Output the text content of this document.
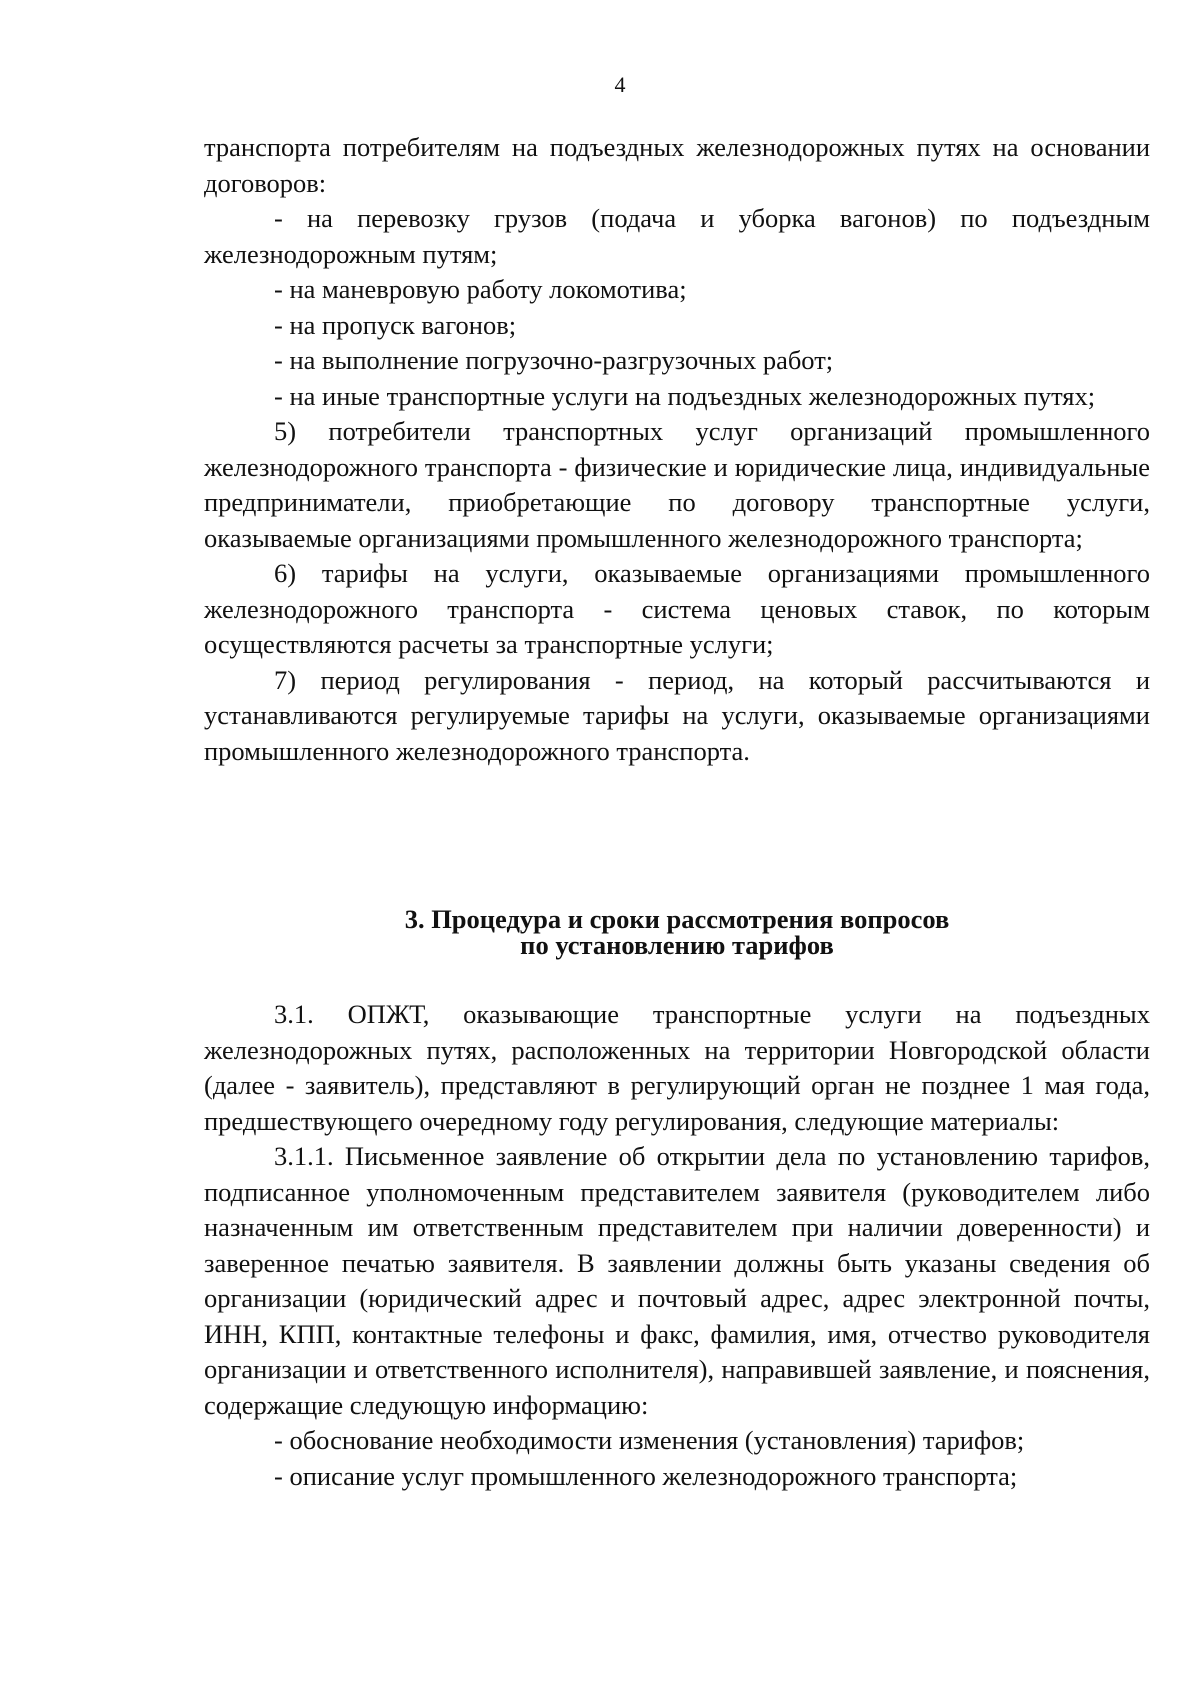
4

транспорта потребителям на подъездных железнодорожных путях на основании договоров:

- на перевозку грузов (подача и уборка вагонов) по подъездным железнодорожным путям;

- на маневровую работу локомотива;

- на пропуск вагонов;

- на выполнение погрузочно-разгрузочных работ;

- на иные транспортные услуги на подъездных железнодорожных путях;

5) потребители транспортных услуг организаций промышленного железнодорожного транспорта - физические и юридические лица, индивидуальные предприниматели, приобретающие по договору транспортные услуги, оказываемые организациями промышленного железнодорожного транспорта;

6) тарифы на услуги, оказываемые организациями промышленного железнодорожного транспорта - система ценовых ставок, по которым осуществляются расчеты за транспортные услуги;

7) период регулирования - период, на который рассчитываются и устанавливаются регулируемые тарифы на услуги, оказываемые организациями промышленного железнодорожного транспорта.

3. Процедура и сроки рассмотрения вопросов
по установлению тарифов

3.1. ОПЖТ, оказывающие транспортные услуги на подъездных железнодорожных путях, расположенных на территории Новгородской области (далее - заявитель), представляют в регулирующий орган не позднее 1 мая года, предшествующего очередному году регулирования, следующие материалы:

3.1.1. Письменное заявление об открытии дела по установлению тарифов, подписанное уполномоченным представителем заявителя (руководителем либо назначенным им ответственным представителем при наличии доверенности) и заверенное печатью заявителя. В заявлении должны быть указаны сведения об организации (юридический адрес и почтовый адрес, адрес электронной почты, ИНН, КПП, контактные телефоны и факс, фамилия, имя, отчество руководителя организации и ответственного исполнителя), направившей заявление, и пояснения, содержащие следующую информацию:

- обоснование необходимости изменения (установления) тарифов;

- описание услуг промышленного железнодорожного транспорта;
